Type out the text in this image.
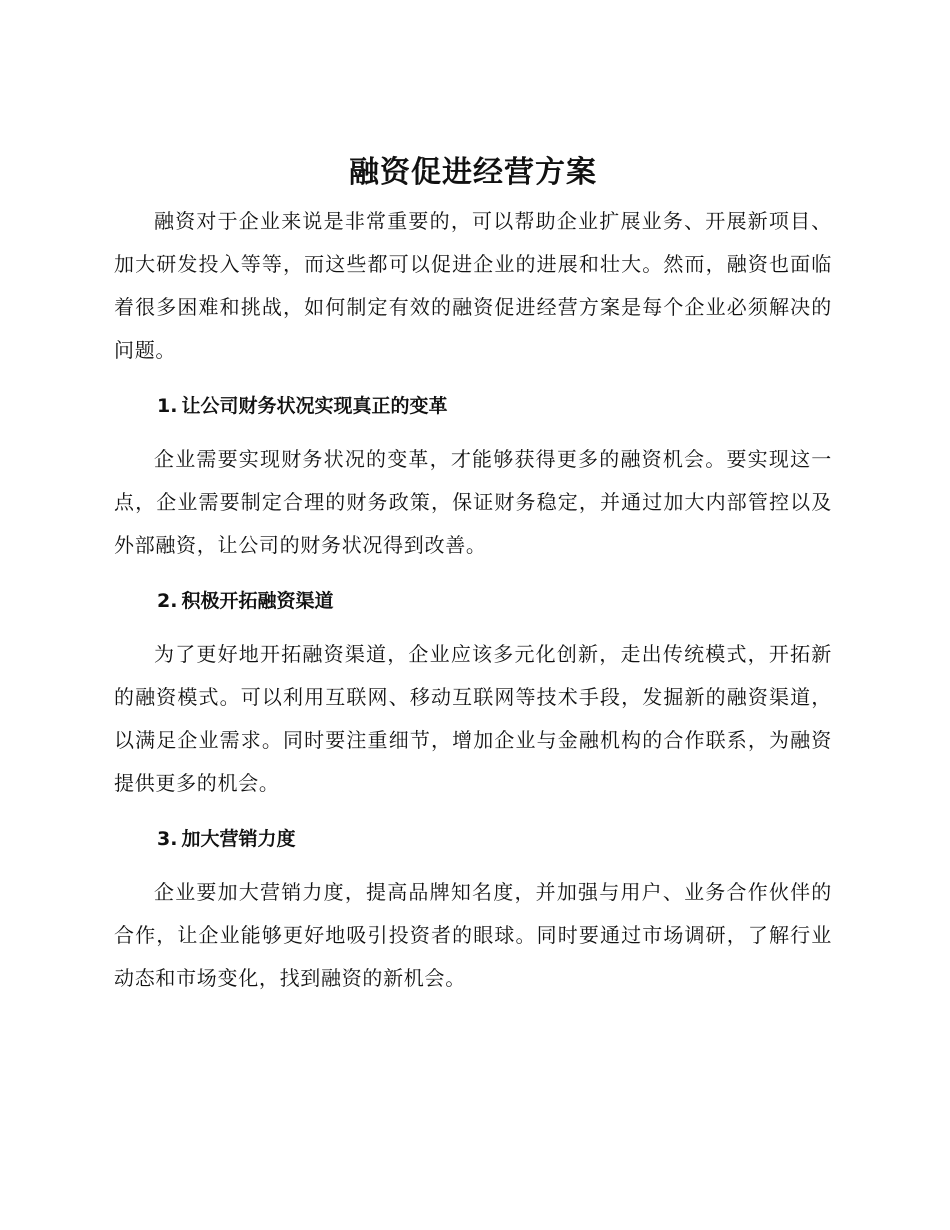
融资促进经营方案

融资对于企业来说是非常重要的，可以帮助企业扩展业务、开展新项目、加大研发投入等等，而这些都可以促进企业的进展和壮大。然而，融资也面临着很多困难和挑战，如何制定有效的融资促进经营方案是每个企业必须解决的问题。

1. 让公司财务状况实现真正的变革

企业需要实现财务状况的变革，才能够获得更多的融资机会。要实现这一点，企业需要制定合理的财务政策，保证财务稳定，并通过加大内部管控以及外部融资，让公司的财务状况得到改善。

2. 积极开拓融资渠道

为了更好地开拓融资渠道，企业应该多元化创新，走出传统模式，开拓新的融资模式。可以利用互联网、移动互联网等技术手段，发掘新的融资渠道，以满足企业需求。同时要注重细节，增加企业与金融机构的合作联系，为融资提供更多的机会。

3. 加大营销力度

企业要加大营销力度，提高品牌知名度，并加强与用户、业务合作伙伴的合作，让企业能够更好地吸引投资者的眼球。同时要通过市场调研，了解行业动态和市场变化，找到融资的新机会。
